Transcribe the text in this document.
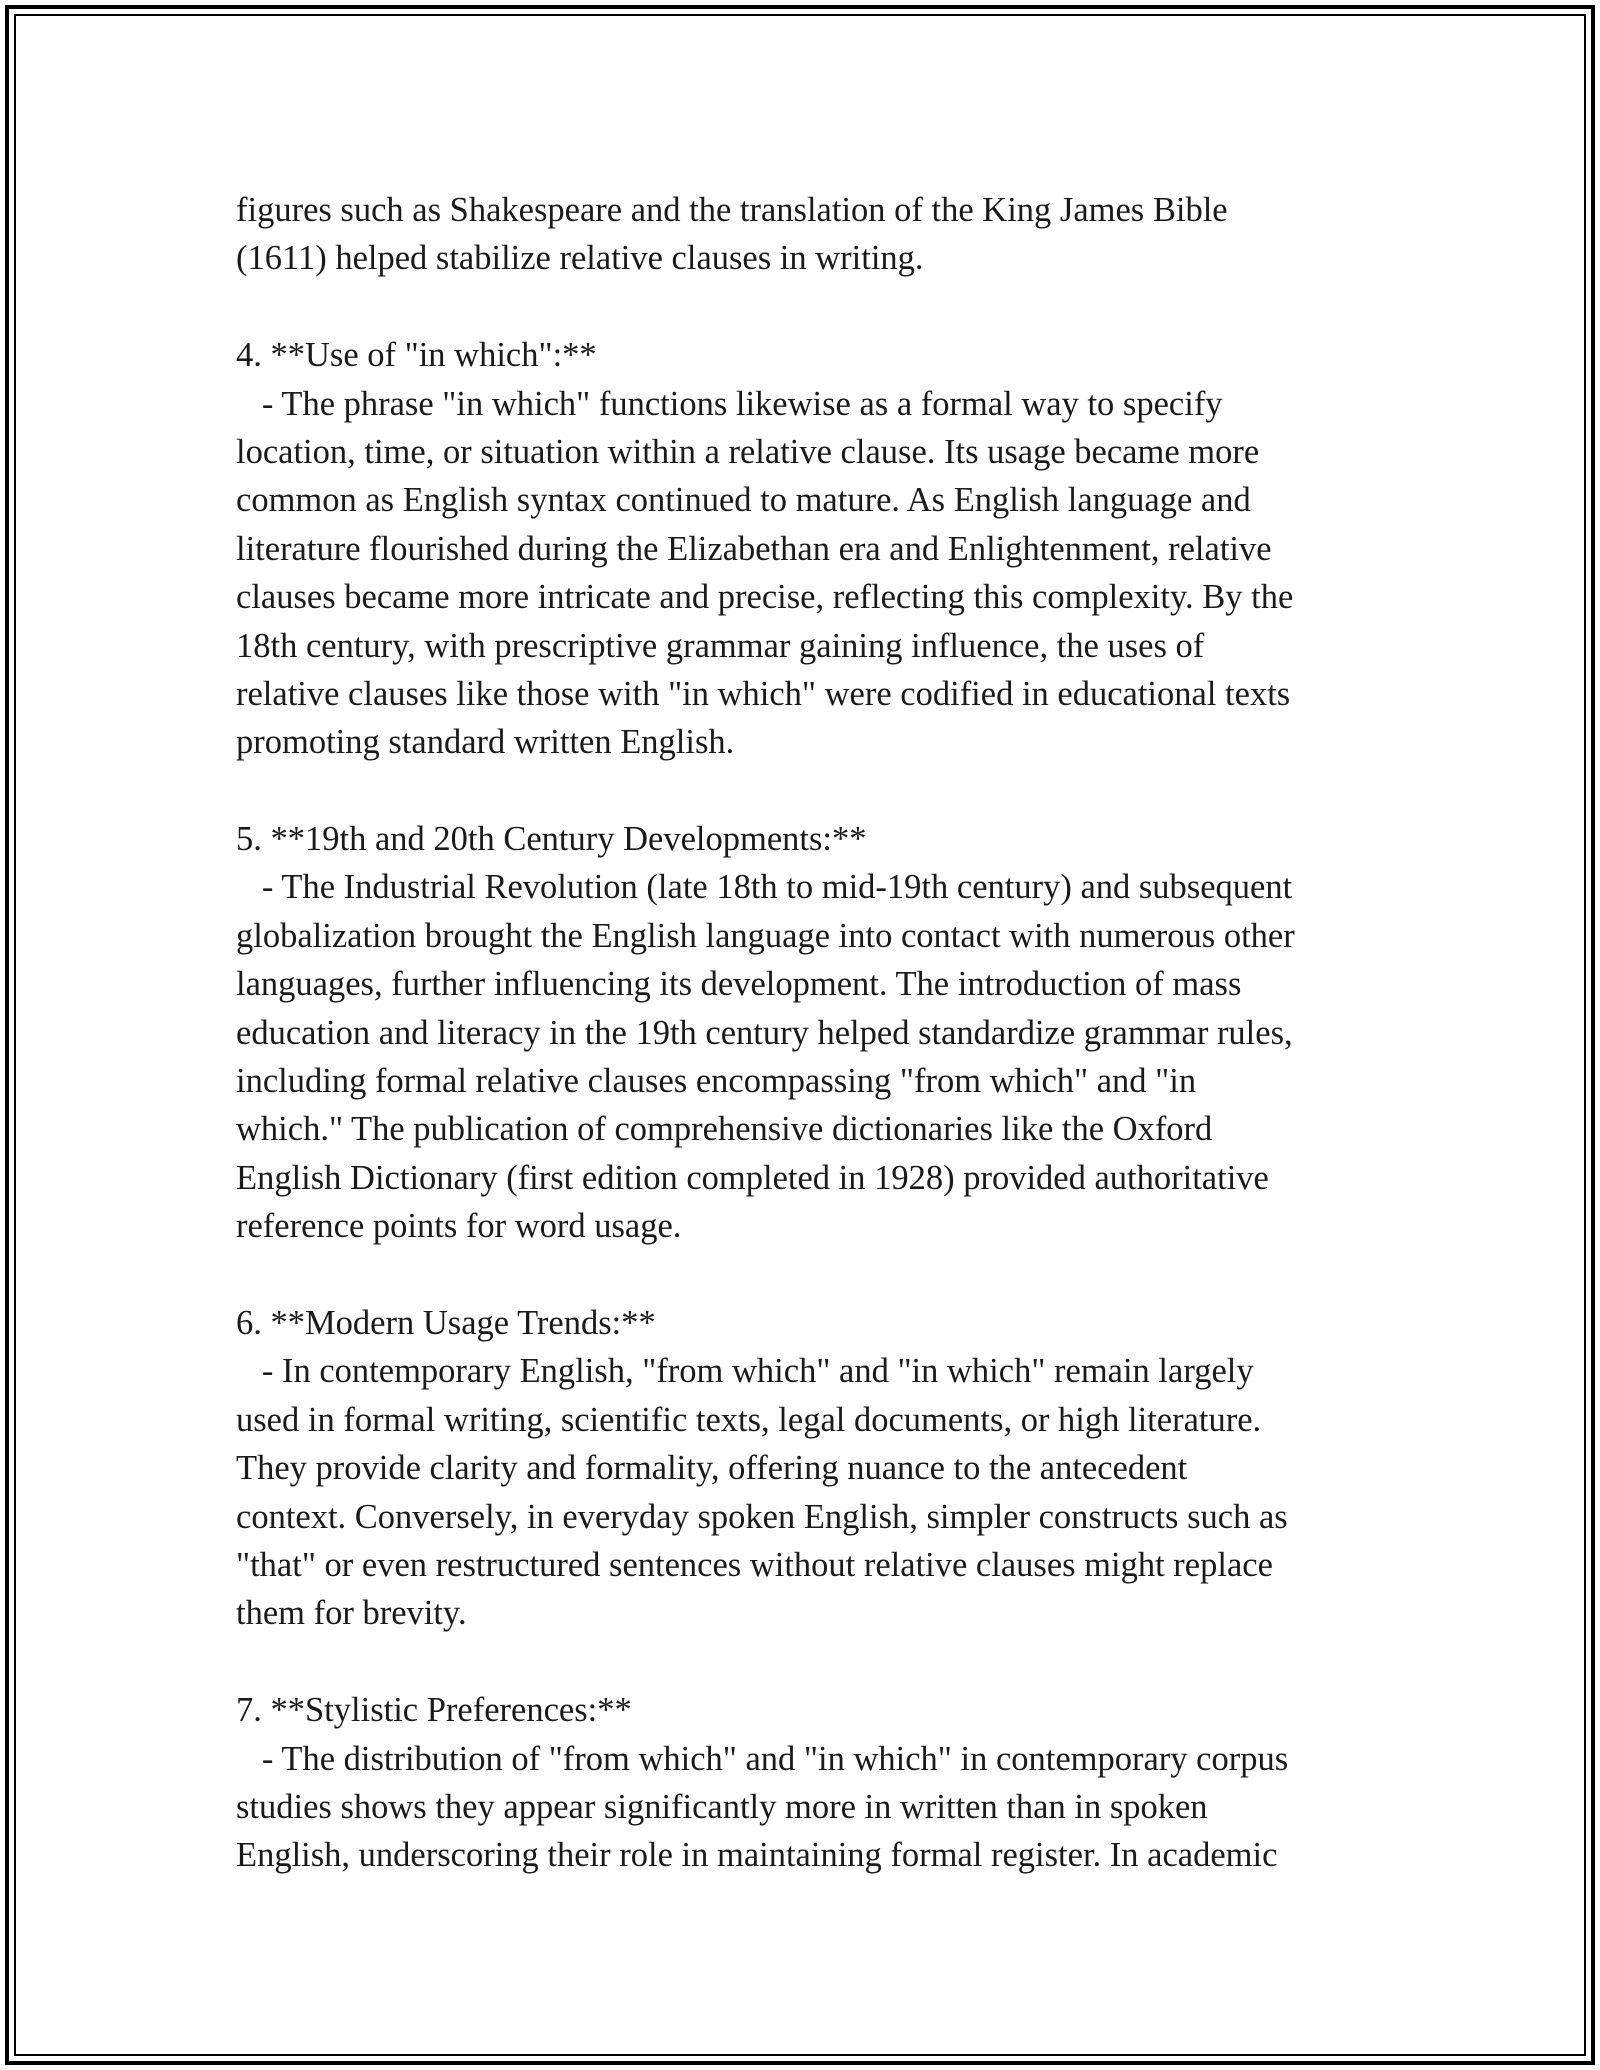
figures such as Shakespeare and the translation of the King James Bible
(1611) helped stabilize relative clauses in writing.
4. **Use of "in which":**
- The phrase "in which" functions likewise as a formal way to specify
location, time, or situation within a relative clause. Its usage became more
common as English syntax continued to mature. As English language and
literature flourished during the Elizabethan era and Enlightenment, relative
clauses became more intricate and precise, reflecting this complexity. By the
18th century, with prescriptive grammar gaining influence, the uses of
relative clauses like those with "in which" were codified in educational texts
promoting standard written English.
5. **19th and 20th Century Developments:**
- The Industrial Revolution (late 18th to mid-19th century) and subsequent
globalization brought the English language into contact with numerous other
languages, further influencing its development. The introduction of mass
education and literacy in the 19th century helped standardize grammar rules,
including formal relative clauses encompassing "from which" and "in
which." The publication of comprehensive dictionaries like the Oxford
English Dictionary (first edition completed in 1928) provided authoritative
reference points for word usage.
6. **Modern Usage Trends:**
- In contemporary English, "from which" and "in which" remain largely
used in formal writing, scientific texts, legal documents, or high literature.
They provide clarity and formality, offering nuance to the antecedent
context. Conversely, in everyday spoken English, simpler constructs such as
"that" or even restructured sentences without relative clauses might replace
them for brevity.
7. **Stylistic Preferences:**
- The distribution of "from which" and "in which" in contemporary corpus
studies shows they appear significantly more in written than in spoken
English, underscoring their role in maintaining formal register. In academic
